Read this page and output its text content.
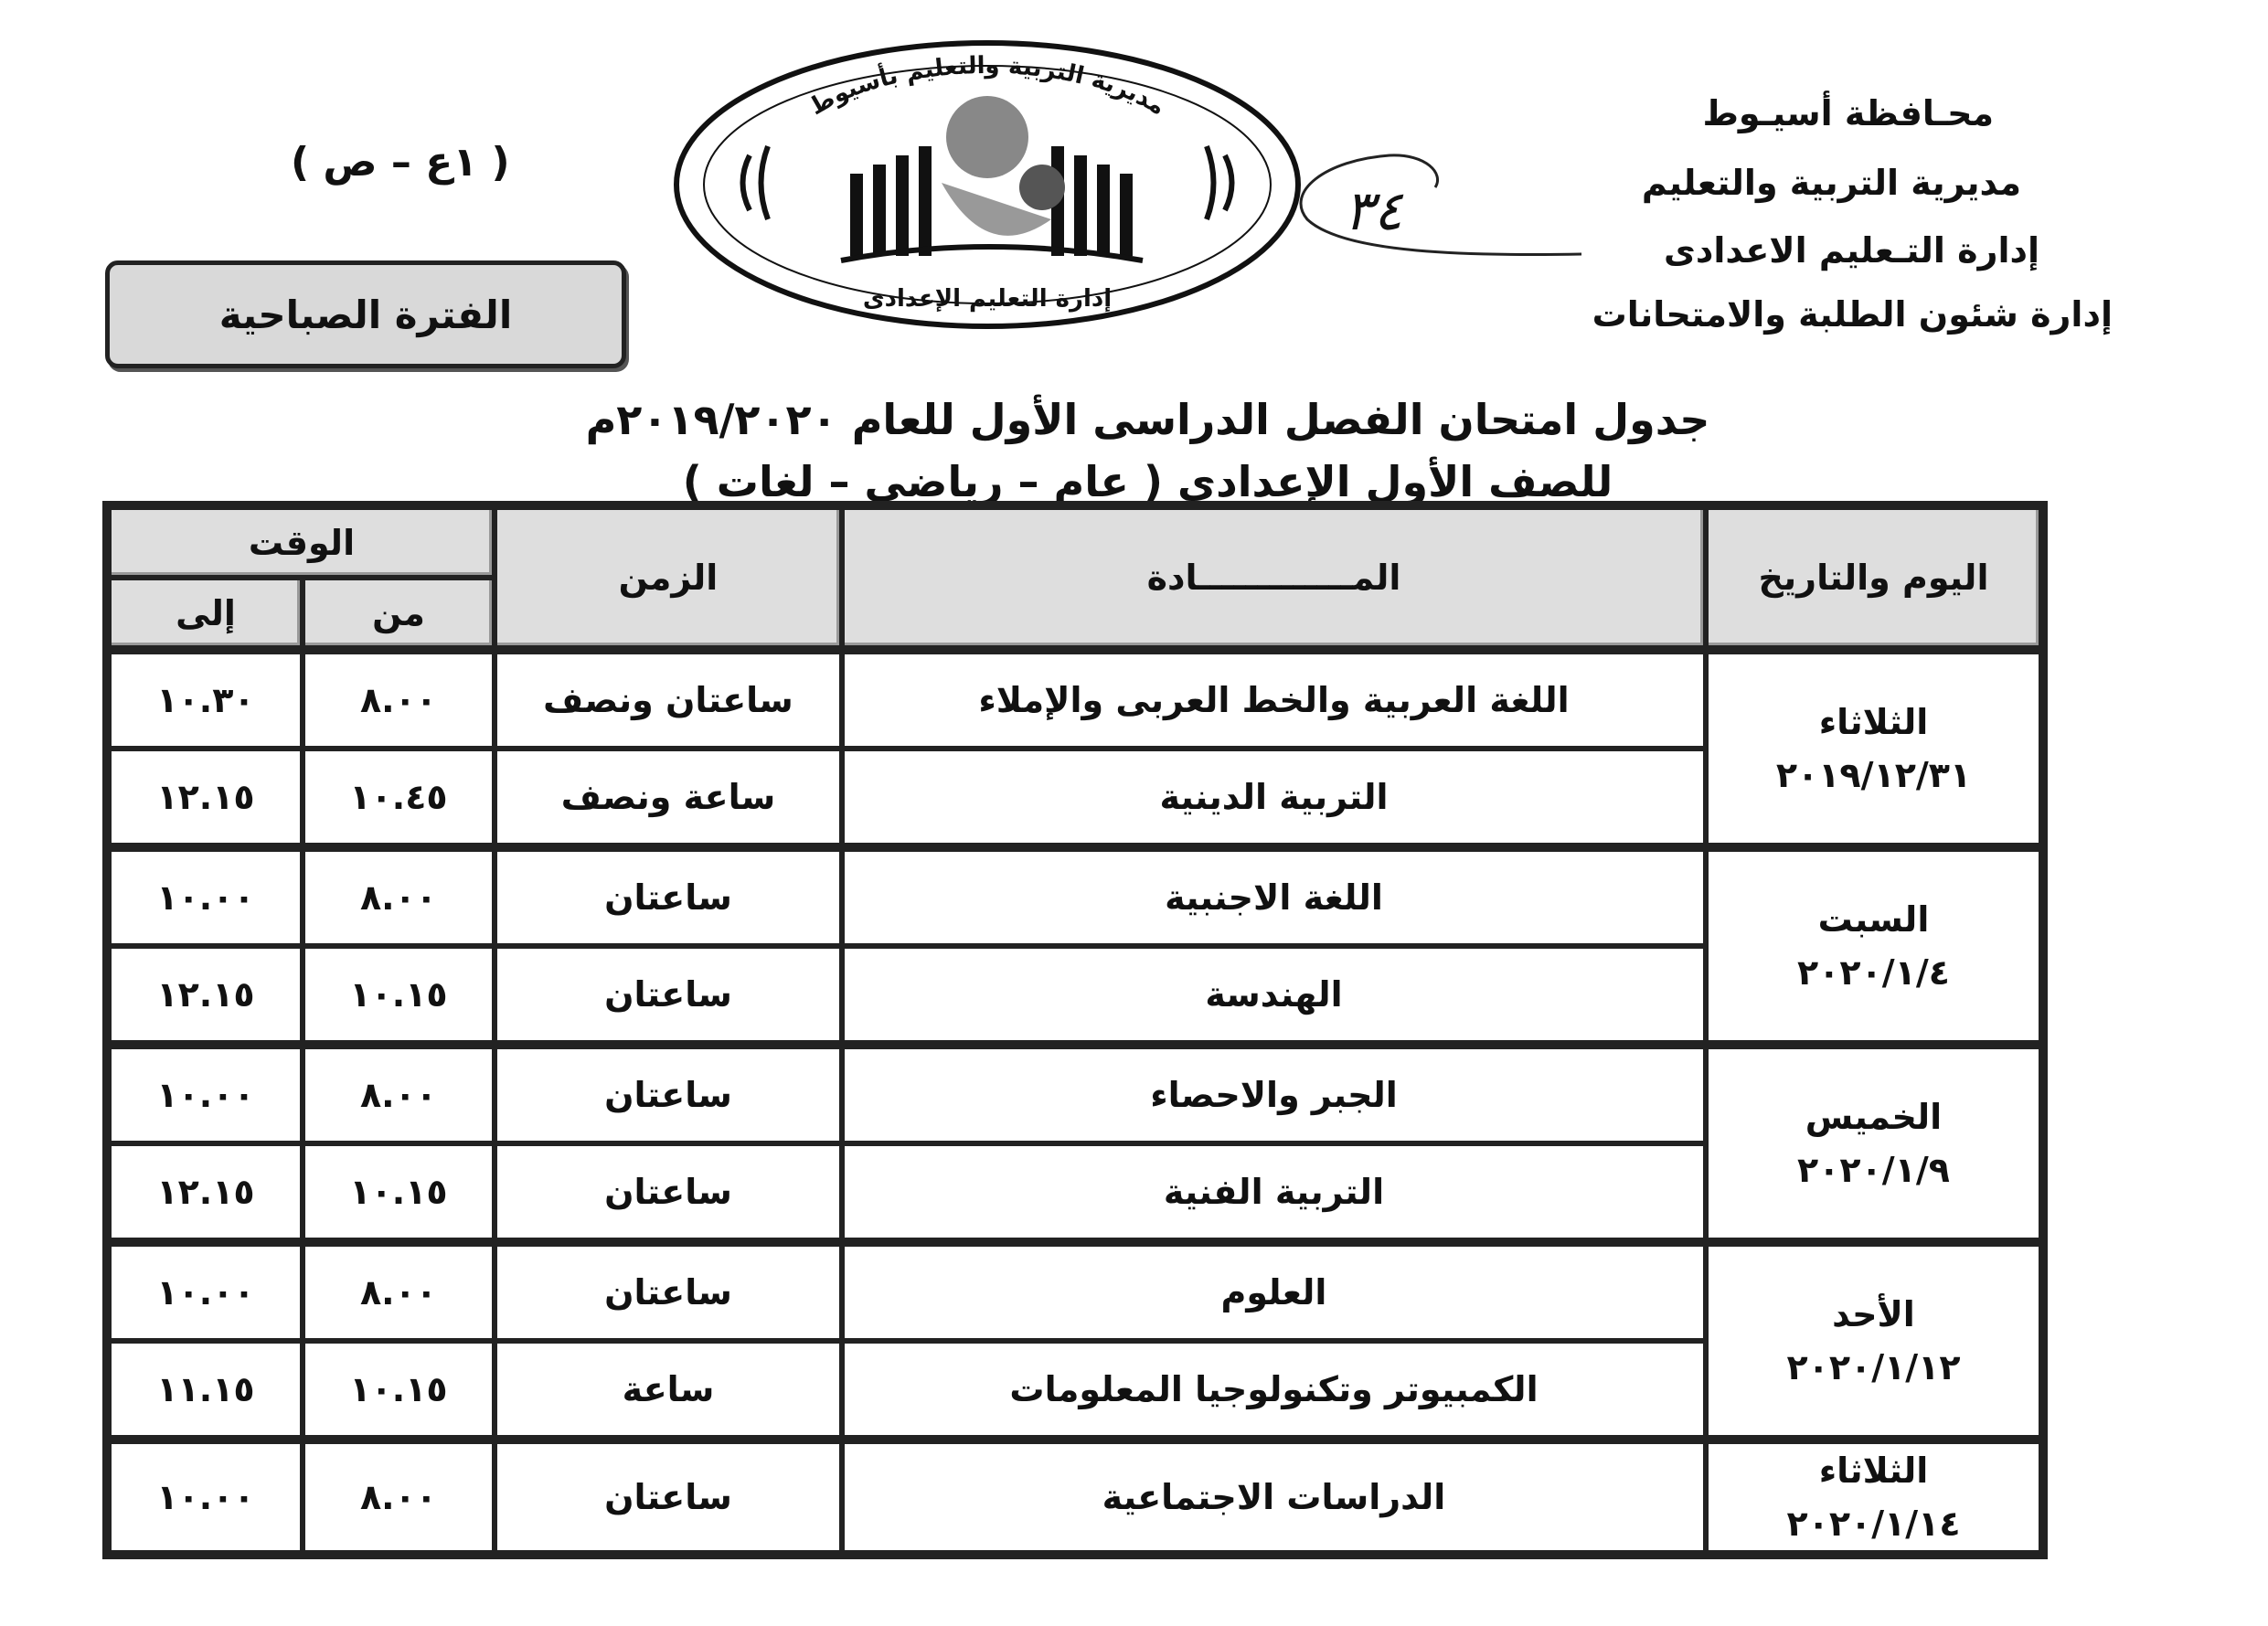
محـافظة أسيـوط
مديرية التربية والتعليم
إدارة التـعليم الاعدادى
إدارة شئون الطلبة والامتحانات
٣٤
( ١ع – ص )
الفترة الصباحية
مديرية التربية والتعليم بأسيوط
إدارة التعليم الإعدادى
جدول امتحان الفصل الدراسى الأول للعام ٢٠١٩/٢٠٢٠م
للصف الأول الإعدادى ( عام – رياضى – لغات )
اليوم والتاريخ	المـــــــــــــادة	الزمن	الوقت	
			من	إلى

الثلاثاء
٢٠١٩/١٢/٣١	اللغة العربية والخط العربى والإملاء	ساعتان ونصف	٨.٠٠	١٠.٣٠
	التربية الدينية	ساعة ونصف	١٠.٤٥	١٢.١٥

السبت
٢٠٢٠/١/٤	اللغة الاجنبية	ساعتان	٨.٠٠	١٠.٠٠
	الهندسة	ساعتان	١٠.١٥	١٢.١٥

الخميس
٢٠٢٠/١/٩	الجبر والاحصاء	ساعتان	٨.٠٠	١٠.٠٠
	التربية الفنية	ساعتان	١٠.١٥	١٢.١٥

الأحد
٢٠٢٠/١/١٢	العلوم	ساعتان	٨.٠٠	١٠.٠٠
	الكمبيوتر وتكنولوجيا المعلومات	ساعة	١٠.١٥	١١.١٥

الثلاثاء
٢٠٢٠/١/١٤	الدراسات الاجتماعية	ساعتان	٨.٠٠	١٠.٠٠
